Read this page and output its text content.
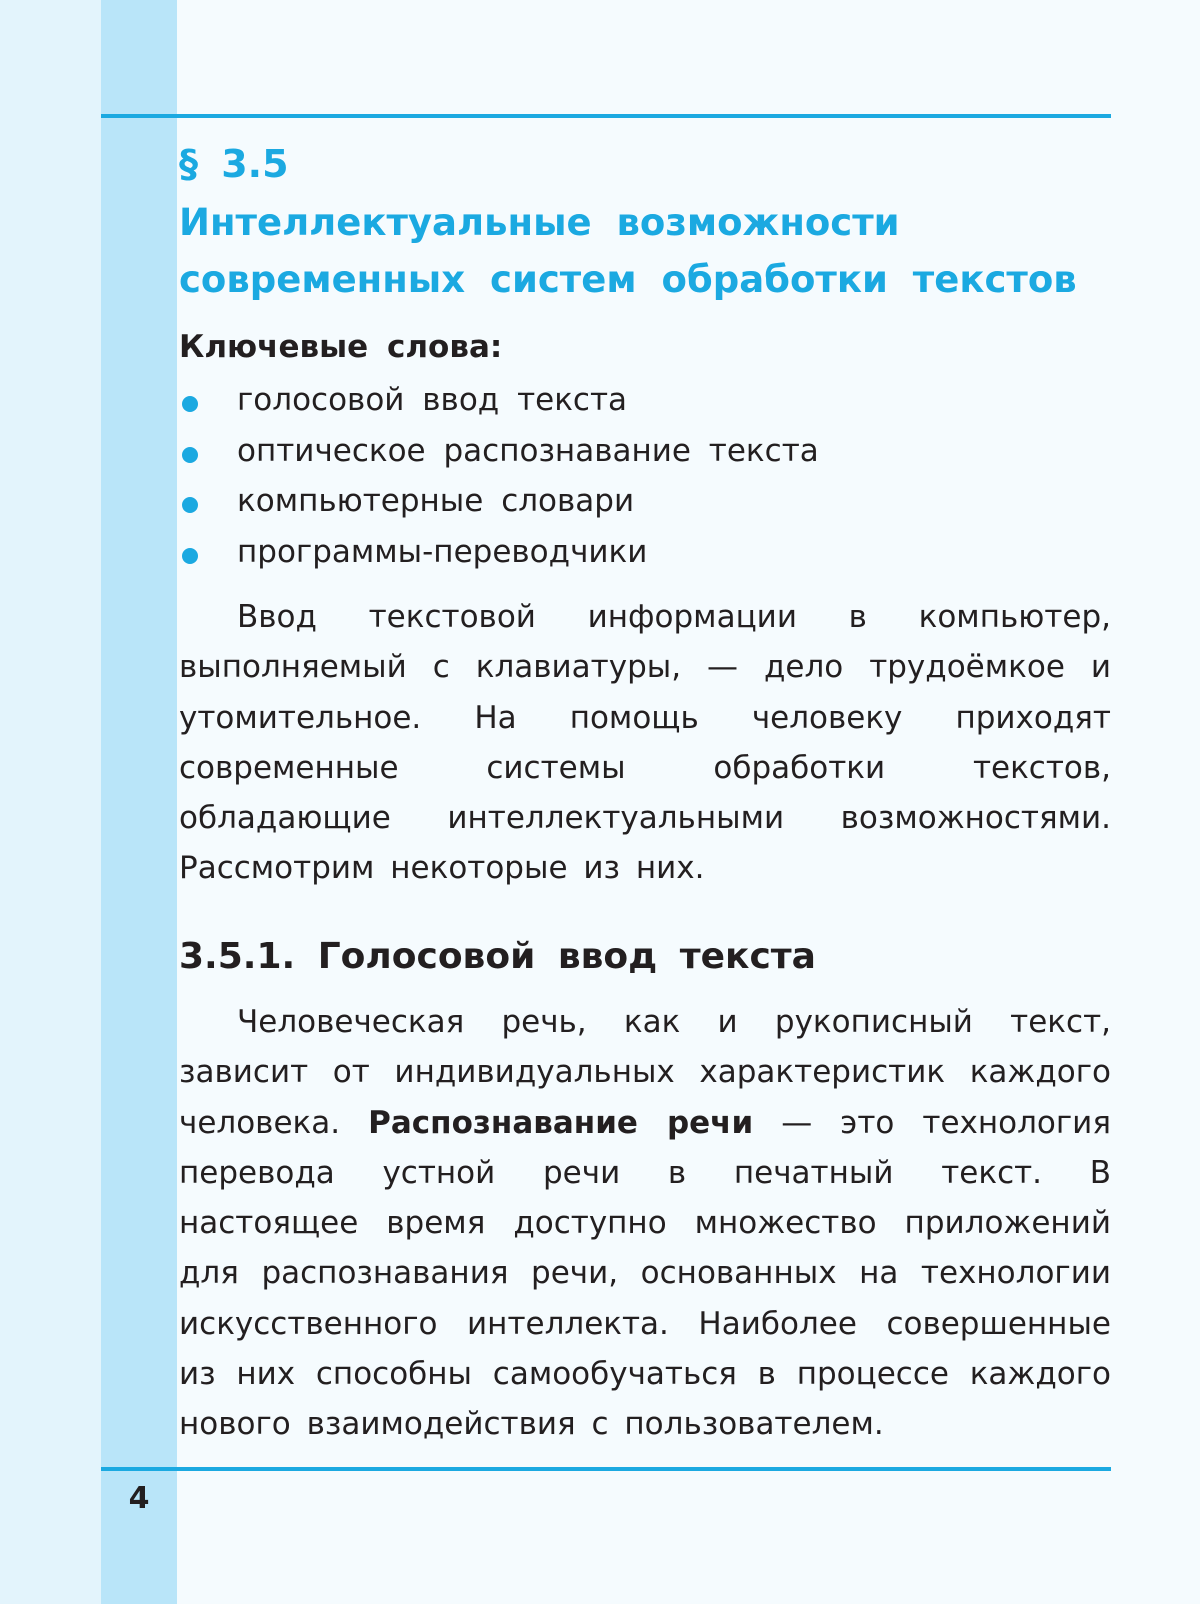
§ 3.5
Интеллектуальные возможности
современных систем обработки текстов
Ключевые слова:
голосовой ввод текста
оптическое распознавание текста
компьютерные словари
программы-переводчики

Ввод текстовой информации в компьютер, выполняемый с клавиатуры, — дело трудоёмкое и утомительное. На помощь человеку приходят современные системы обработки текстов, обладающие интеллектуальными возможностями. Рассмотрим некоторые из них.

3.5.1. Голосовой ввод текста

Человеческая речь, как и рукописный текст, зависит от индивидуальных характеристик каждого человека. Распознавание речи — это технология перевода устной речи в печатный текст. В настоящее время доступно множество приложений для распознавания речи, основанных на технологии искусственного интеллекта. Наиболее совершенные из них способны самообучаться в процессе каждого нового взаимодействия с пользователем.

4
